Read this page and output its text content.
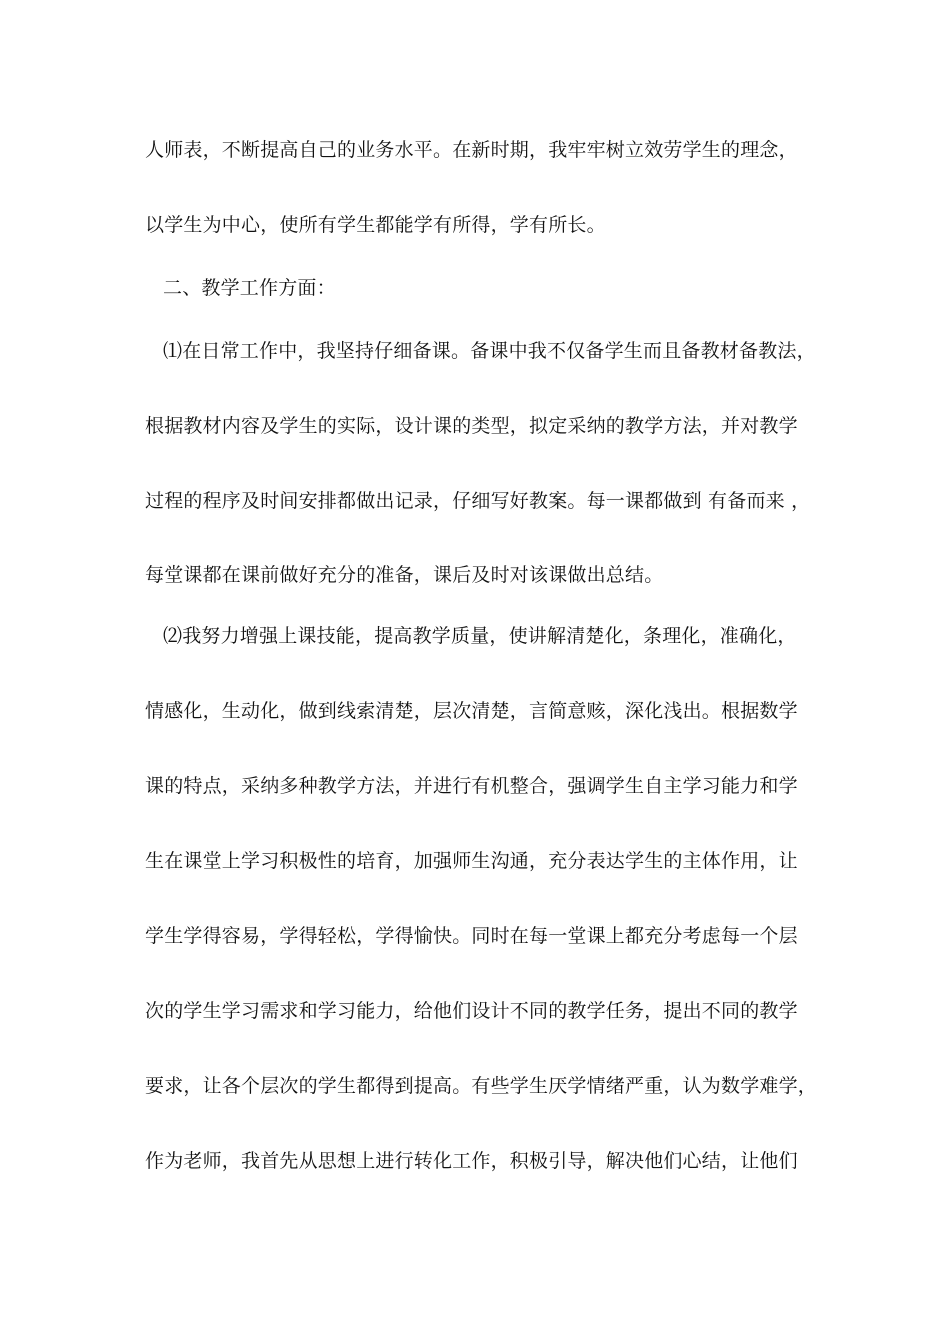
人师表，不断提高自己的业务水平。在新时期，我牢牢树立效劳学生的理念，
以学生为中心，使所有学生都能学有所得，学有所长。
二、教学工作方面：
⑴在日常工作中，我坚持仔细备课。备课中我不仅备学生而且备教材备教法，
根据教材内容及学生的实际，设计课的类型，拟定采纳的教学方法，并对教学
过程的程序及时间安排都做出记录，仔细写好教案。每一课都做到 有备而来 ，
每堂课都在课前做好充分的准备，课后及时对该课做出总结。
⑵我努力增强上课技能，提高教学质量，使讲解清楚化，条理化，准确化，
情感化，生动化，做到线索清楚，层次清楚，言简意赅，深化浅出。根据数学
课的特点，采纳多种教学方法，并进行有机整合，强调学生自主学习能力和学
生在课堂上学习积极性的培育，加强师生沟通，充分表达学生的主体作用，让
学生学得容易，学得轻松，学得愉快。同时在每一堂课上都充分考虑每一个层
次的学生学习需求和学习能力，给他们设计不同的教学任务，提出不同的教学
要求，让各个层次的学生都得到提高。有些学生厌学情绪严重，认为数学难学，
作为老师，我首先从思想上进行转化工作，积极引导，解决他们心结，让他们
